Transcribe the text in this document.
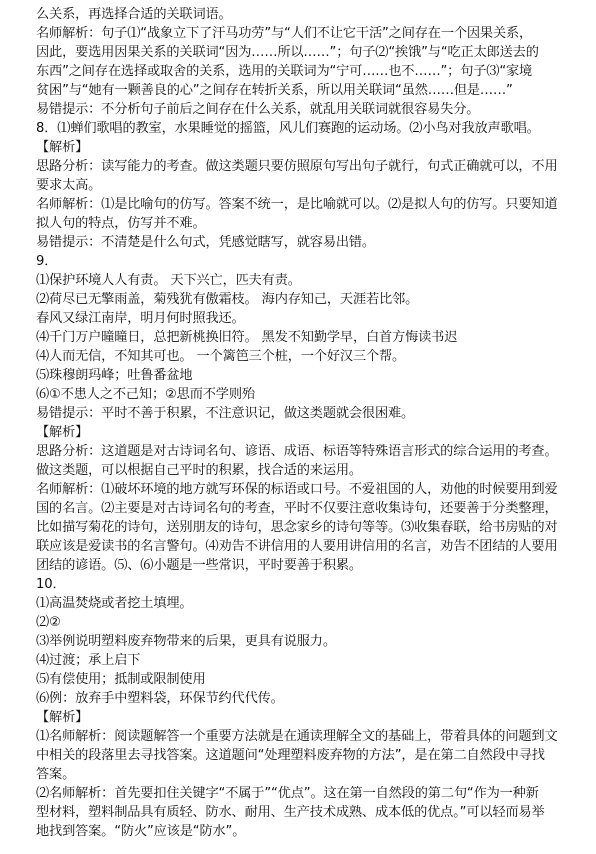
么关系，再选择合适的关联词语。
名师解析：句子⑴“战象立下了汗马功劳”与“人们不让它干活”之间存在一个因果关系，
因此，要选用因果关系的关联词“因为……所以……”；句子⑵“挨饿”与“吃正太郎送去的
东西”之间存在选择或取舍的关系，选用的关联词为“宁可……也不……”；句子⑶“家境
贫困”与“她有一颗善良的心”之间存在转折关系，所以用关联词“虽然……但是……”
易错提示：不分析句子前后之间存在什么关系，就乱用关联词就很容易失分。
8．⑴蝉们歌唱的教室，水果睡觉的摇篮，风儿们赛跑的运动场。⑵小鸟对我放声歌唱。
【解析】
思路分析：读写能力的考查。做这类题只要仿照原句写出句子就行，句式正确就可以，不用
要求太高。
名师解析：⑴是比喻句的仿写。答案不统一，是比喻就可以。⑵是拟人句的仿写。只要知道
拟人句的特点，仿写并不难。
易错提示：不清楚是什么句式，凭感觉瞎写，就容易出错。
9．
⑴保护环境人人有责。 天下兴亡，匹夫有责。
⑵荷尽已无擎雨盖，菊残犹有傲霜枝。 海内存知己，天涯若比邻。
春风又绿江南岸，明月何时照我还。
⑷千门万户曈曈日，总把新桃换旧符。 黑发不知勤学早，白首方悔读书迟
⑷人而无信，不知其可也。 一个篱笆三个桩，一个好汉三个帮。
⑸珠穆朗玛峰；吐鲁番盆地
⑹①不患人之不己知；②思而不学则殆
易错提示：平时不善于积累，不注意识记，做这类题就会很困难。
【解析】
思路分析：这道题是对古诗词名句、谚语、成语、标语等特殊语言形式的综合运用的考查。
做这类题，可以根据自己平时的积累，找合适的来运用。
名师解析：⑴破坏环境的地方就写环保的标语或口号。不爱祖国的人，劝他的时候要用到爱
国的名言。⑵主要是对古诗词名句的考查，平时不仅要注意收集诗句，还要善于分类整理，
比如描写菊花的诗句，送别朋友的诗句，思念家乡的诗句等等。⑶收集春联，给书房贴的对
联应该是爱读书的名言警句。⑷劝告不讲信用的人要用讲信用的名言，劝告不团结的人要用
团结的谚语。⑸、⑹小题是一些常识，平时要善于积累。
10．
⑴高温焚烧或者挖土填埋。
⑵②
⑶举例说明塑料废弃物带来的后果，更具有说服力。
⑷过渡；承上启下
⑸有偿使用；抵制或限制使用
⑹例：放弃手中塑料袋，环保节约代代传。
【解析】
⑴名师解析：阅读题解答一个重要方法就是在通读理解全文的基础上，带着具体的问题到文
中相关的段落里去寻找答案。这道题问“处理塑料废弃物的方法”，是在第二自然段中寻找
答案。
⑵名师解析：首先要扣住关键字“不属于”“优点”。这在第一自然段的第二句“作为一种新
型材料，塑料制品具有质轻、防水、耐用、生产技术成熟、成本低的优点。”可以轻而易举
地找到答案。“防火”应该是“防水”。
